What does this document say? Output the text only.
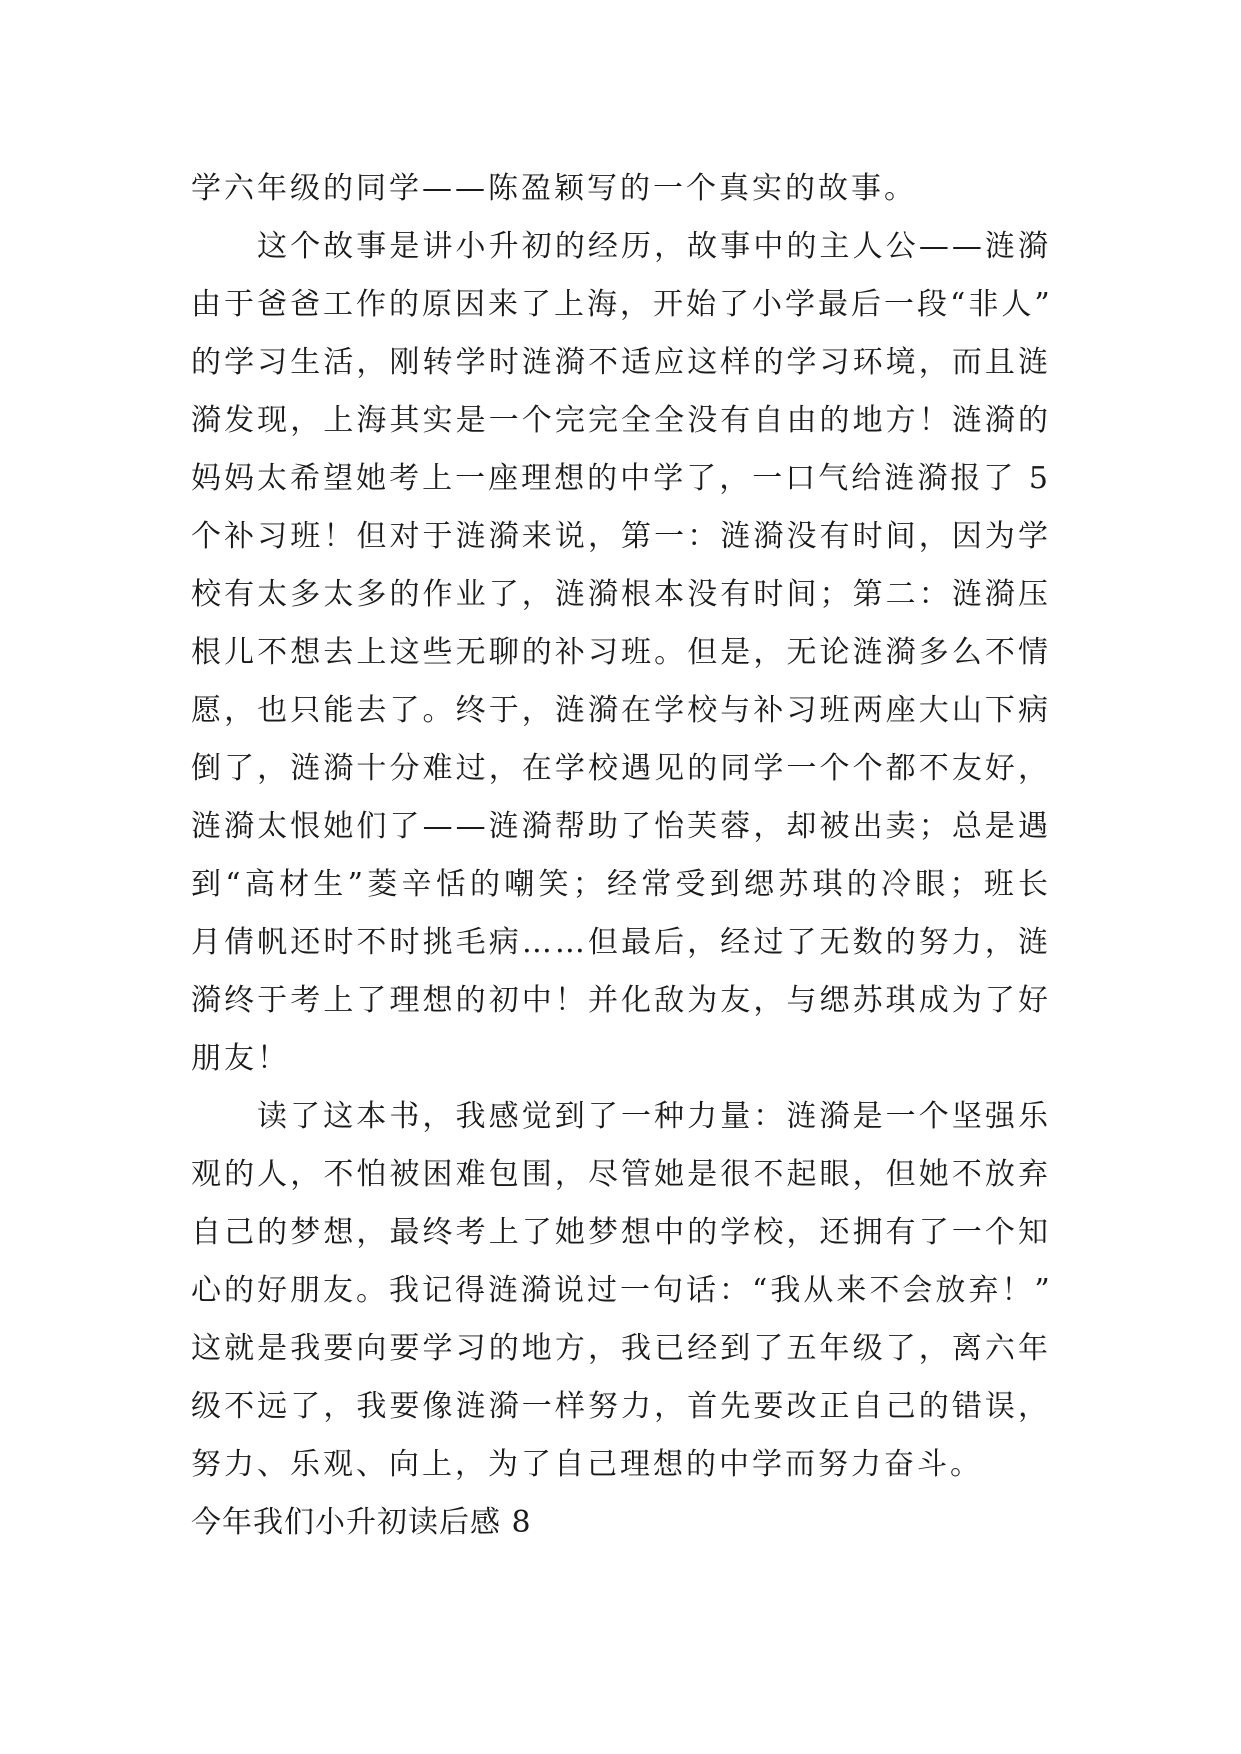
学六年级的同学——陈盈颖写的一个真实的故事。
这个故事是讲小升初的经历，故事中的主人公——涟漪
由于爸爸工作的原因来了上海，开始了小学最后一段“非人”
的学习生活，刚转学时涟漪不适应这样的学习环境，而且涟
漪发现，上海其实是一个完完全全没有自由的地方！涟漪的
妈妈太希望她考上一座理想的中学了，一口气给涟漪报了 5
个补习班！但对于涟漪来说，第一：涟漪没有时间，因为学
校有太多太多的作业了，涟漪根本没有时间；第二：涟漪压
根儿不想去上这些无聊的补习班。但是，无论涟漪多么不情
愿，也只能去了。终于，涟漪在学校与补习班两座大山下病
倒了，涟漪十分难过，在学校遇见的同学一个个都不友好，
涟漪太恨她们了——涟漪帮助了怡芙蓉，却被出卖；总是遇
到“高材生”菱辛恬的嘲笑；经常受到缌苏琪的冷眼；班长
月倩帆还时不时挑毛病……但最后，经过了无数的努力，涟
漪终于考上了理想的初中！并化敌为友，与缌苏琪成为了好
朋友！
读了这本书，我感觉到了一种力量：涟漪是一个坚强乐
观的人，不怕被困难包围，尽管她是很不起眼，但她不放弃
自己的梦想，最终考上了她梦想中的学校，还拥有了一个知
心的好朋友。我记得涟漪说过一句话：“我从来不会放弃！”
这就是我要向要学习的地方，我已经到了五年级了，离六年
级不远了，我要像涟漪一样努力，首先要改正自己的错误，
努力、乐观、向上，为了自己理想的中学而努力奋斗。
今年我们小升初读后感 8
